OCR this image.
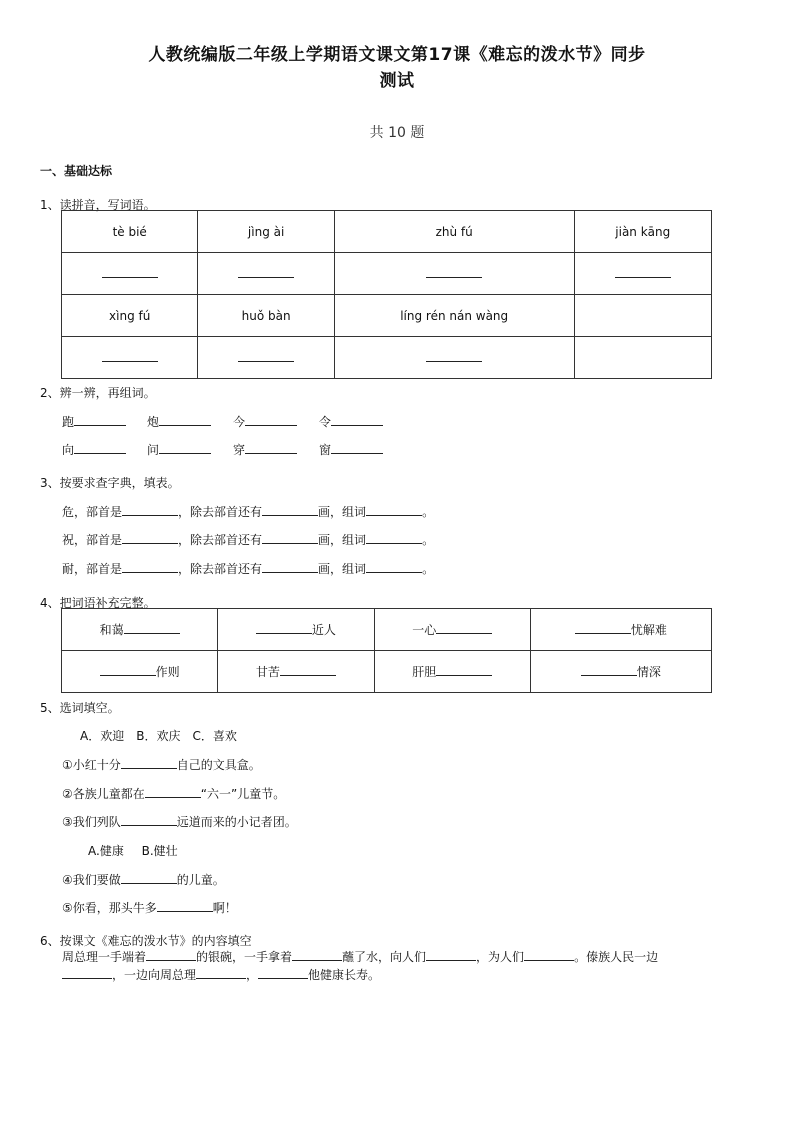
人教统编版二年级上学期语文课文第17课《难忘的泼水节》同步
测试
共 10 题
一、基础达标
1、读拼音，写词语。
tè bié	jìng ài	zhù fú	jiàn kāng

xìng fú	huǒ bàn	líng rén nán wàng	

2、辨一辨，再组词。
跑	炮	今	令
向	问	穿	窗
3、按要求查字典，填表。
危，部首是	，除去部首还有	画，组词	。
祝，部首是	，除去部首还有	画，组词	。
耐，部首是	，除去部首还有	画，组词	。
4、把词语补充完整。
和蔼	近人	一心	忧解难
作则	甘苦	肝胆	情深
5、选词填空。
A．欢迎　B．欢庆　C．喜欢
①小红十分	自己的文具盒。
②各族儿童都在	“六一”儿童节。
③我们列队	远道而来的小记者团。
A.健康　 B.健壮
④我们要做	的儿童。
⑤你看，那头牛多	啊！
6、按课文《难忘的泼水节》的内容填空
周总理一手端着	的银碗，一手拿着	蘸了水，向人们	，为人们	。傣族人民一边
，一边向周总理	，	他健康长寿。
